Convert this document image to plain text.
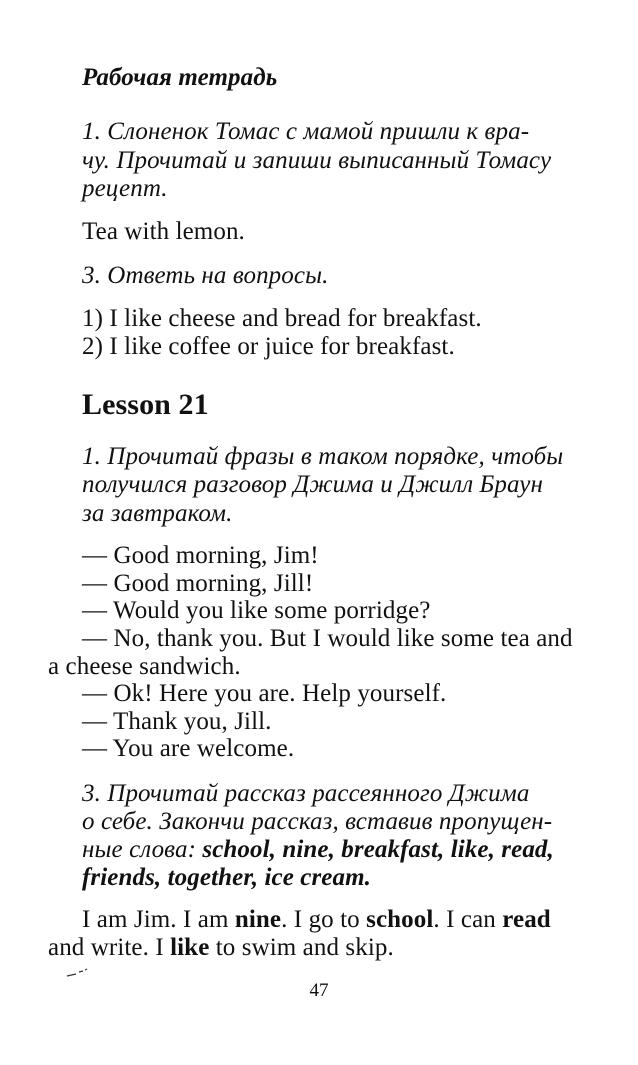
Рабочая тетрадь
1. Слоненок Томас с мамой пришли к вра-
чу. Прочитай и запиши выписанный Томасу
рецепт.
Tea with lemon.
3. Ответь на вопросы.
1) I like cheese and bread for breakfast.
2) I like coffee or juice for breakfast.
Lesson 21
1. Прочитай фразы в таком порядке, чтобы
получился разговор Джима и Джилл Браун
за завтраком.
— Good morning, Jim!
— Good morning, Jill!
— Would you like some porridge?
— No, thank you. But I would like some tea and
a cheese sandwich.
— Ok! Here you are. Help yourself.
— Thank you, Jill.
— You are welcome.
3. Прочитай рассказ рассеянного Джима
о себе. Закончи рассказ, вставив пропущен-
ные слова: school, nine, breakfast, like, read,
friends, together, ice cream.
I am Jim. I am nine. I go to school. I can read
and write. I like to swim and skip.
47
